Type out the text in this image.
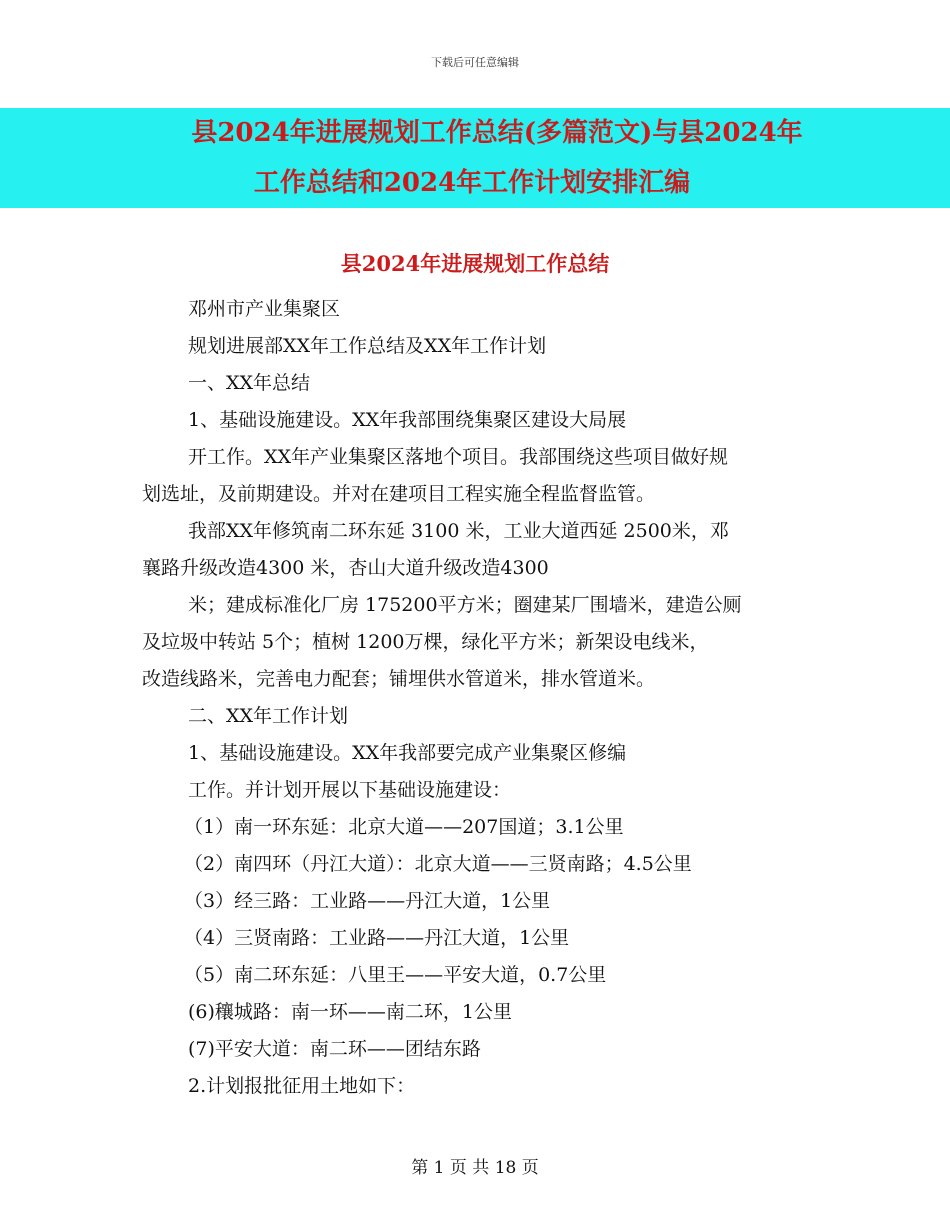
下载后可任意编辑
县2024年进展规划工作总结(多篇范文)与县2024年
工作总结和2024年工作计划安排汇编
县2024年进展规划工作总结

邓州市产业集聚区

规划进展部XX年工作总结及XX年工作计划

一、XX年总结

1、基础设施建设。XX年我部围绕集聚区建设大局展

开工作。XX年产业集聚区落地个项目。我部围绕这些项目做好规

划选址，及前期建设。并对在建项目工程实施全程监督监管。

我部XX年修筑南二环东延 3100 米，工业大道西延 2500米，邓

襄路升级改造4300 米，杏山大道升级改造4300

米；建成标准化厂房 175200平方米；圈建某厂围墙米，建造公厕

及垃圾中转站 5个；植树 1200万棵，绿化平方米；新架设电线米，

改造线路米，完善电力配套；铺埋供水管道米，排水管道米。

二、XX年工作计划

1、基础设施建设。XX年我部要完成产业集聚区修编

工作。并计划开展以下基础设施建设：

（1）南一环东延：北京大道——207国道；3.1公里

（2）南四环（丹江大道）：北京大道——三贤南路；4.5公里

（3）经三路：工业路——丹江大道，1公里

（4）三贤南路：工业路——丹江大道，1公里

（5）南二环东延：八里王——平安大道，0.7公里

(6)穰城路：南一环——南二环，1公里

(7)平安大道：南二环——团结东路

2.计划报批征用土地如下：

第 1 页 共 18 页
